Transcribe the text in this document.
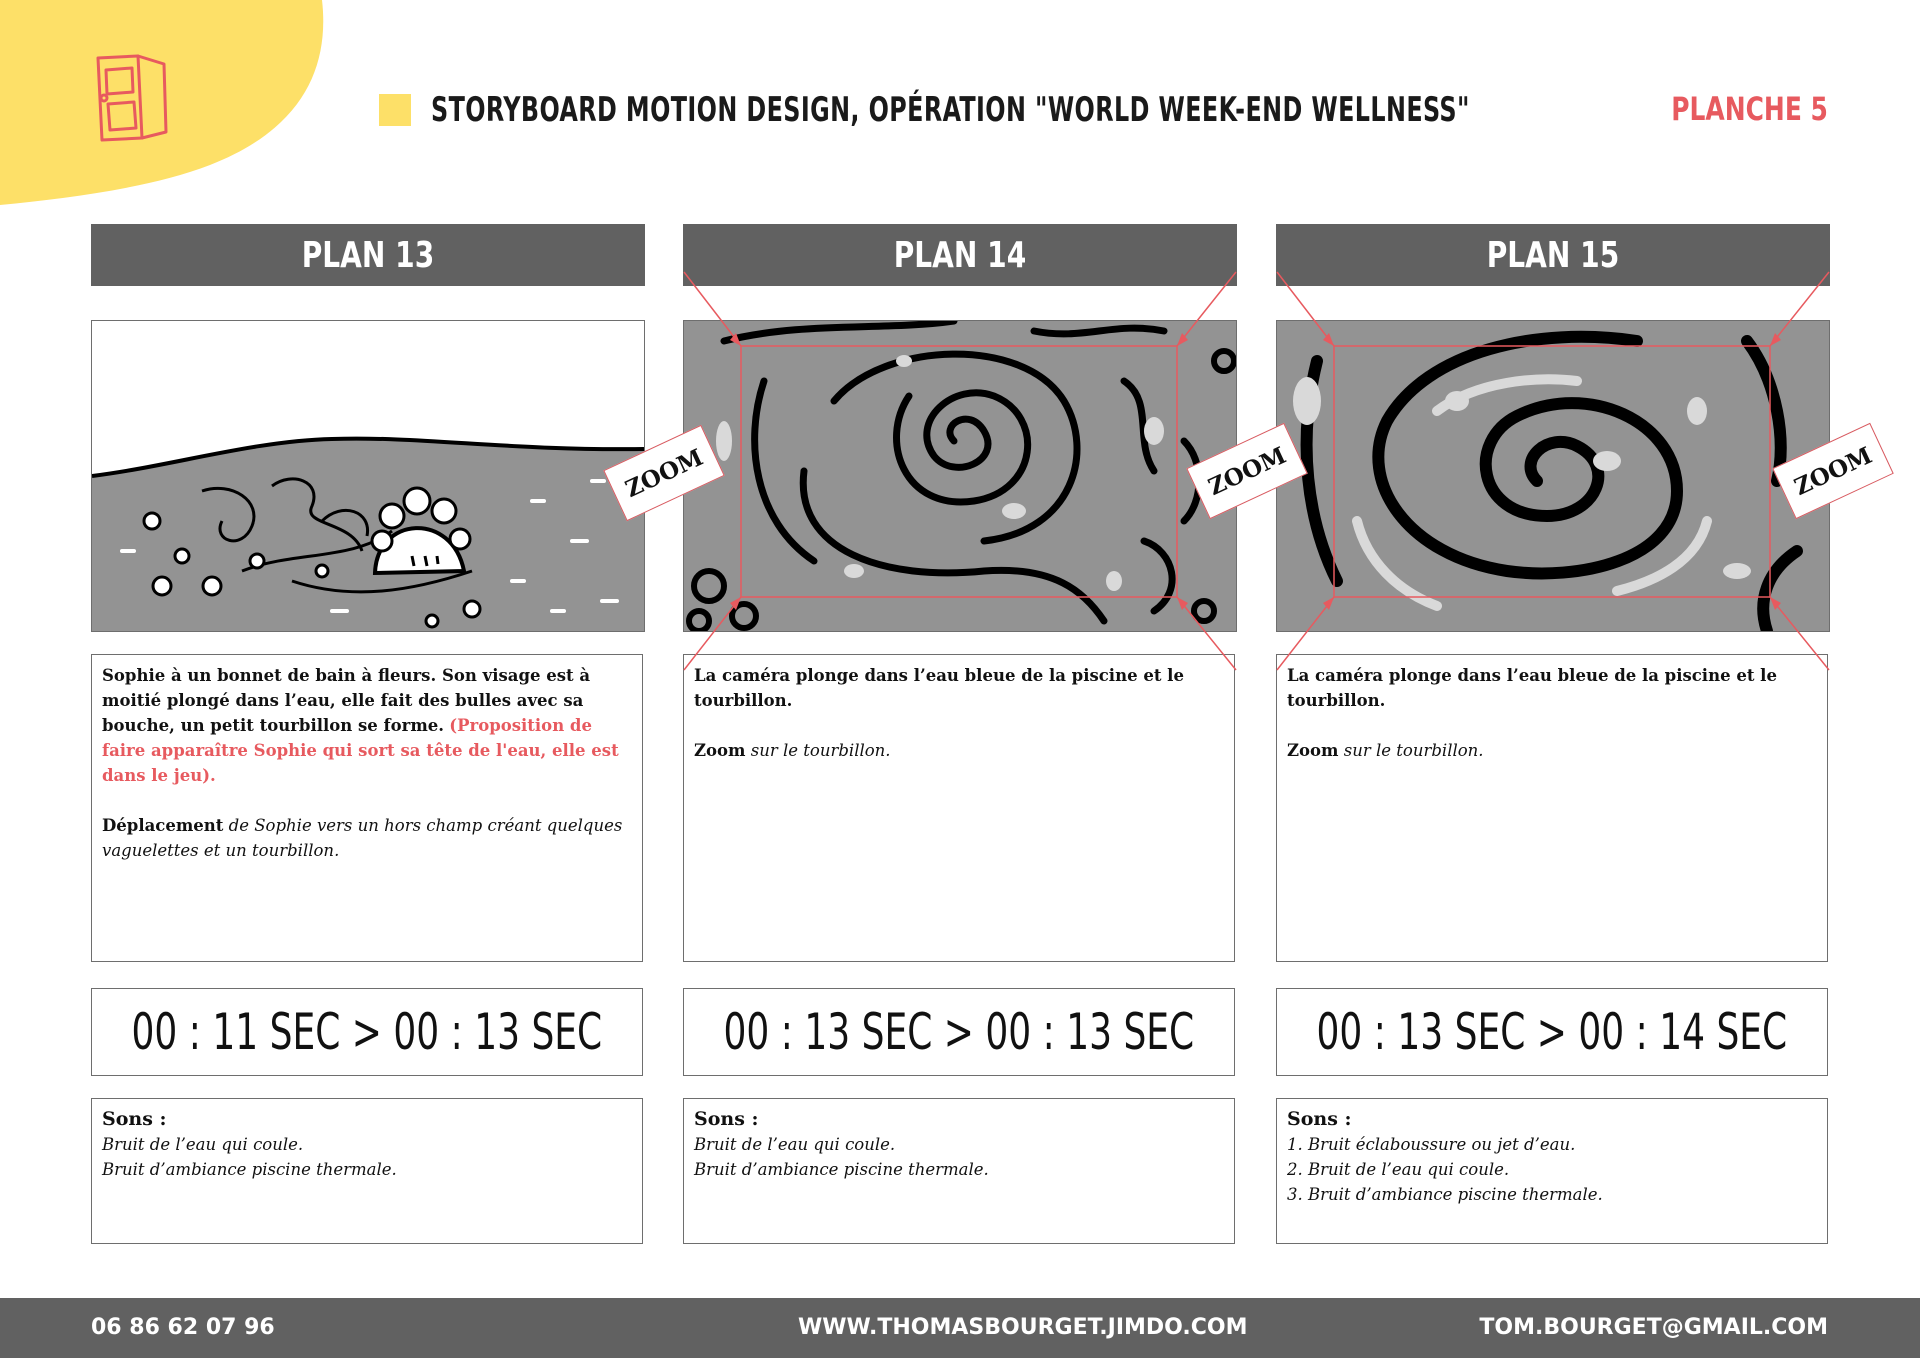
STORYBOARD MOTION DESIGN, OPÉRATION "WORLD WEEK-END WELLNESS"	PLANCHE 5
PLAN 13

Sophie à un bonnet de bain à fleurs. Son visage est à moitié plongé dans l’eau, elle fait des bulles avec sa bouche, un petit tourbillon se forme. (Proposition de faire apparaître Sophie qui sort sa tête de l'eau, elle est dans le jeu).

Déplacement de Sophie vers un hors champ créant quelques vaguelettes et un tourbillon.

00 : 11 SEC > 00 : 13 SEC
Sons :
Bruit de l’eau qui coule.
Bruit d’ambiance piscine thermale.
PLAN 14

La caméra plonge dans l’eau bleue de la piscine et le tourbillon.

Zoom sur le tourbillon.

00 : 13 SEC > 00 : 13 SEC
Sons :
Bruit de l’eau qui coule.
Bruit d’ambiance piscine thermale.
PLAN 15

La caméra plonge dans l’eau bleue de la piscine et le tourbillon.

Zoom sur le tourbillon.

00 : 13 SEC > 00 : 14 SEC
Sons :
1. Bruit éclaboussure ou jet d’eau.
2. Bruit de l’eau qui coule.
3. Bruit d’ambiance piscine thermale.
ZOOM	ZOOM	ZOOM
06 86 62 07 96	WWW.THOMASBOURGET.JIMDO.COM	TOM.BOURGET@GMAIL.COM
